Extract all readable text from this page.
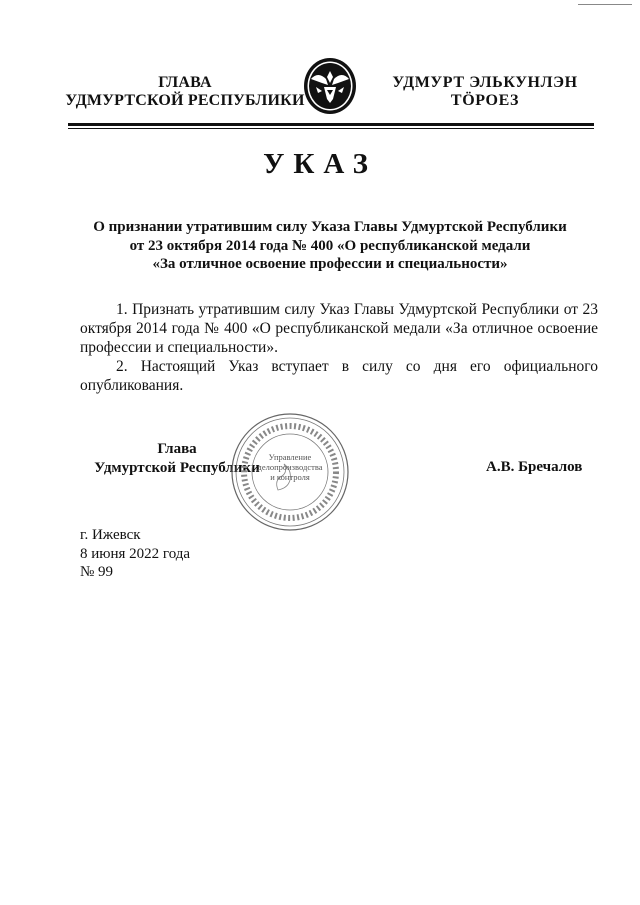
ГЛАВА
УДМУРТСКОЙ РЕСПУБЛИКИ
УДМУРТ ЭЛЬКУНЛЭН
ТӦРОЕЗ
УКАЗ
О признании утратившим силу Указа Главы Удмуртской Республики
от 23 октября 2014 года № 400 «О республиканской медали
«За отличное освоение профессии и специальности»

1. Признать утратившим силу Указ Главы Удмуртской Республики от 23 октября 2014 года № 400 «О республиканской медали «За отличное освоение профессии и специальности».

2. Настоящий Указ вступает в силу со дня его официального опубликования.

Глава
Удмуртской Республики
Управление
делопроизводства
и контроля
А.В. Бречалов
г. Ижевск
8 июня 2022 года
№ 99
